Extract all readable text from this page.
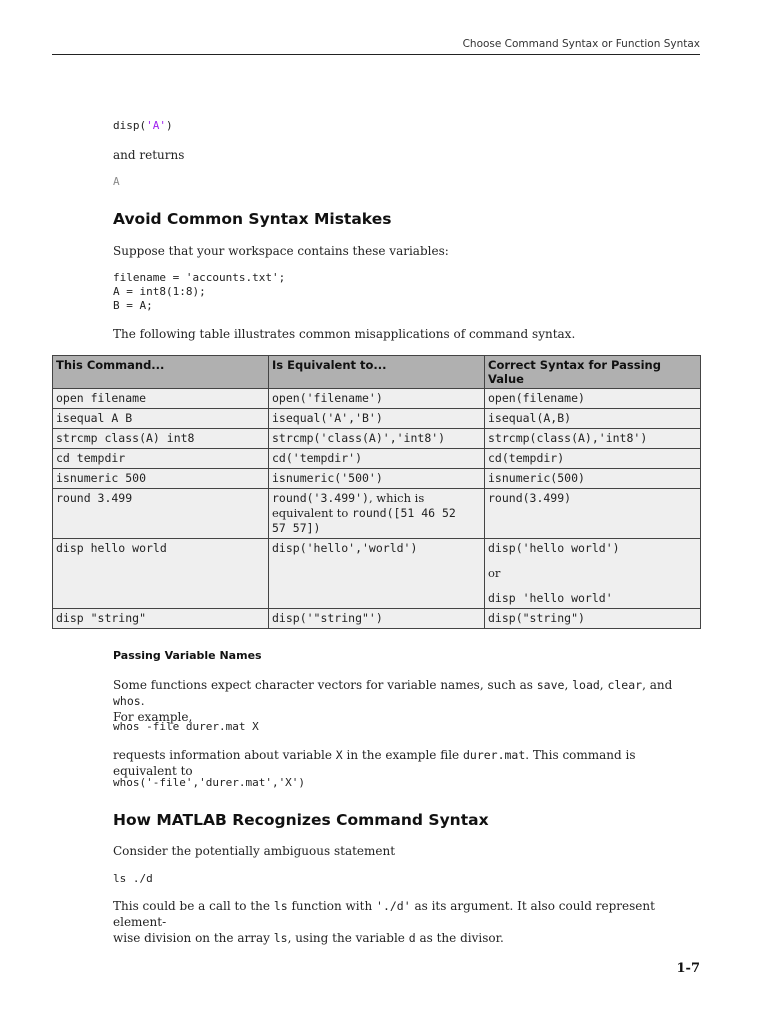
Choose Command Syntax or Function Syntax
disp('A')
and returns
A
Avoid Common Syntax Mistakes
Suppose that your workspace contains these variables:
filename = 'accounts.txt';
A = int8(1:8);
B = A;
The following table illustrates common misapplications of command syntax.
This Command...	Is Equivalent to...	Correct Syntax for Passing Value
open filename	open('filename')	open(filename)
isequal A B	isequal('A','B')	isequal(A,B)
strcmp class(A) int8	strcmp('class(A)','int8')	strcmp(class(A),'int8')
cd tempdir	cd('tempdir')	cd(tempdir)
isnumeric 500	isnumeric('500')	isnumeric(500)
round 3.499	round('3.499'), which is
equivalent to round([51 46 52
57 57])	round(3.499)
disp hello world	disp('hello','world')	disp('hello world')
or
disp 'hello world'

disp "string"	disp('"string"')	disp("string")
Passing Variable Names
Some functions expect character vectors for variable names, such as save, load, clear, and whos.
For example,
whos -file durer.mat X
requests information about variable X in the example file durer.mat. This command is equivalent to
whos('-file','durer.mat','X')
How MATLAB Recognizes Command Syntax
Consider the potentially ambiguous statement
ls ./d
This could be a call to the ls function with './d' as its argument. It also could represent element-
wise division on the array ls, using the variable d as the divisor.
1-7
